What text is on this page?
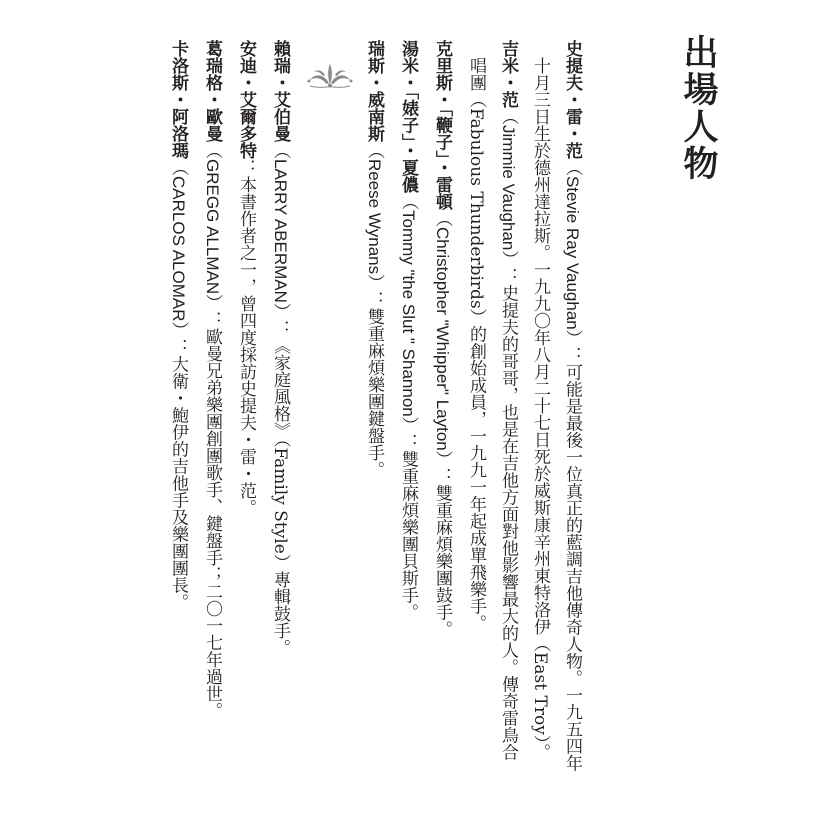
出場人物
史提夫・雷・范（Stevie Ray Vaughan）：可能是最後一位真正的藍調吉他傳奇人物。一九五四年
十月三日生於德州達拉斯。一九九〇年八月二十七日死於威斯康辛州東特洛伊（East Troy）。
吉米・范（Jimmie Vaughan）：史提夫的哥哥，也是在吉他方面對他影響最大的人。傳奇雷鳥合
唱團（Fabulous Thunderbirds）的創始成員，一九九一年起成單飛樂手。
克里斯・「鞭子」・雷頓（Christopher "Whipper" Layton）：雙重麻煩樂團鼓手。
湯米・「婊子」・夏儂（Tommy "the Slut " Shannon）：雙重麻煩樂團貝斯手。
瑞斯・威南斯（Reese Wynans）：雙重麻煩樂團鍵盤手。
賴瑞・艾伯曼（LARRY ABERMAN）：《家庭風格》（Family Style）專輯鼓手。
安迪・艾爾多特：本書作者之一，曾四度採訪史提夫・雷・范。
葛瑞格・歐曼（GREGG ALLMAN）：歐曼兄弟樂團創團歌手、鍵盤手；二〇一七年過世。
卡洛斯・阿洛瑪（CARLOS ALOMAR）：大衛・鮑伊的吉他手及樂團團長。
